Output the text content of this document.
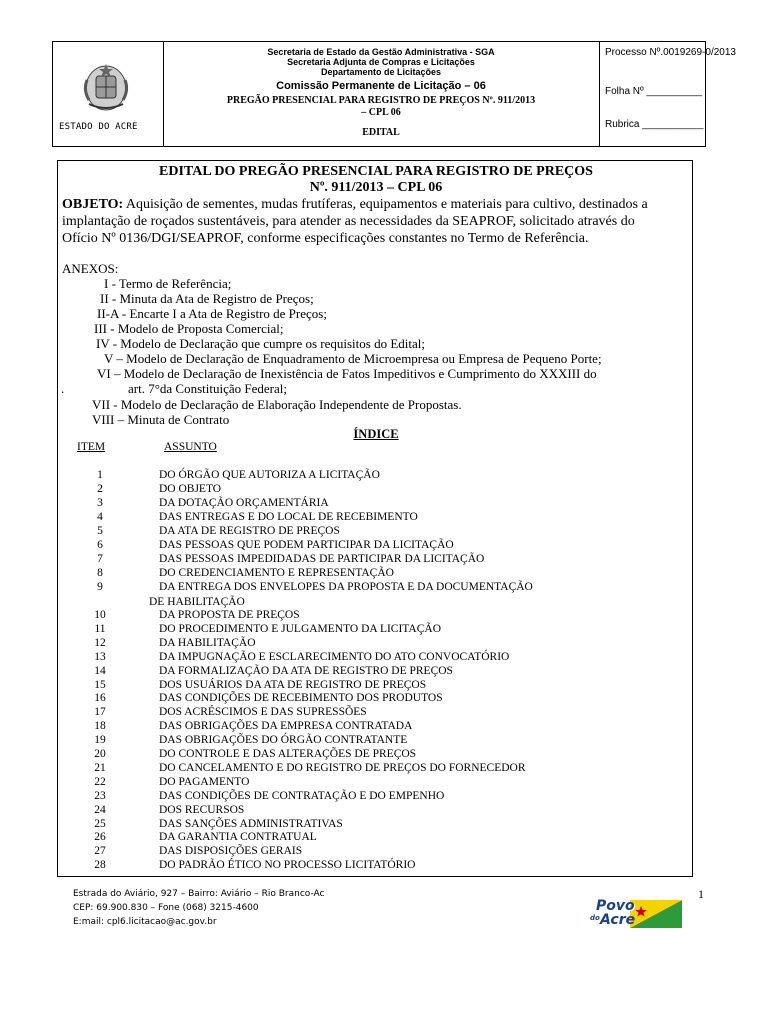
ESTADO DO ACRE
Secretaria de Estado da Gestão Administrativa - SGA
Secretaria Adjunta de Compras e Licitações
Departamento de Licitações
Comissão Permanente de Licitação – 06
PREGÃO PRESENCIAL PARA REGISTRO DE PREÇOS Nº. 911/2013
– CPL 06
EDITAL
Processo Nº.0019269-0/2013
Folha Nº __________
Rubrica ___________
EDITAL DO PREGÃO PRESENCIAL PARA REGISTRO DE PREÇOS
Nº. 911/2013 – CPL 06
OBJETO: Aquisição de sementes, mudas frutíferas, equipamentos e materiais para cultivo, destinados a
implantação de roçados sustentáveis, para atender as necessidades da SEAPROF, solicitado através do
Ofício Nº 0136/DGI/SEAPROF, conforme especificações constantes no Termo de Referência.
ANEXOS:
I - Termo de Referência;
II - Minuta da Ata de Registro de Preços;
II-A - Encarte I a Ata de Registro de Preços;
III - Modelo de Proposta Comercial;
IV - Modelo de Declaração que cumpre os requisitos do Edital;
V – Modelo de Declaração de Enquadramento de Microempresa ou Empresa de Pequeno Porte;
VI – Modelo de Declaração de Inexistência de Fatos Impeditivos e Cumprimento do XXXIII do
.	art. 7°da Constituição Federal;
VII - Modelo de Declaração de Elaboração Independente de Propostas.
VIII – Minuta de Contrato
ÍNDICE
ITEM	ASSUNTO
1	DO ÓRGÃO QUE AUTORIZA A LICITAÇÃO
2	DO OBJETO
3	DA DOTAÇÃO ORÇAMENTÁRIA
4	DAS ENTREGAS E DO LOCAL DE RECEBIMENTO
5	DA ATA DE REGISTRO DE PREÇOS
6	DAS PESSOAS QUE PODEM PARTICIPAR DA LICITAÇÃO
7	DAS PESSOAS IMPEDIDADAS DE PARTICIPAR DA LICITAÇÃO
8	DO CREDENCIAMENTO E REPRESENTAÇÃO
9	DA ENTREGA DOS ENVELOPES DA PROPOSTA E DA DOCUMENTAÇÃO
DE HABILITAÇÃO
10	DA PROPOSTA DE PREÇOS
11	DO PROCEDIMENTO E JULGAMENTO DA LICITAÇÃO
12	DA HABILITAÇÃO
13	DA IMPUGNAÇÃO E ESCLARECIMENTO DO ATO CONVOCATÓRIO
14	DA FORMALIZAÇÃO DA ATA DE REGISTRO DE PREÇOS
15	DOS USUÁRIOS DA ATA DE REGISTRO DE PREÇOS
16	DAS CONDIÇÕES DE RECEBIMENTO DOS PRODUTOS
17	DOS ACRÉSCIMOS E DAS SUPRESSÕES
18	DAS OBRIGAÇÕES DA EMPRESA CONTRATADA
19	DAS OBRIGAÇÕES DO ÓRGÃO CONTRATANTE
20	DO CONTROLE E DAS ALTERAÇÕES DE PREÇOS
21	DO CANCELAMENTO E DO REGISTRO DE PREÇOS DO FORNECEDOR
22	DO PAGAMENTO
23	DAS CONDIÇÕES DE CONTRATAÇÃO E DO EMPENHO
24	DOS RECURSOS
25	DAS SANÇÕES ADMINISTRATIVAS
26	DA GARANTIA CONTRATUAL
27	DAS DISPOSIÇÕES GERAIS
28	DO PADRÃO ÉTICO NO PROCESSO LICITATÓRIO
Estrada do Aviário, 927 – Bairro: Aviário – Rio Branco-Ac
CEP: 69.900.830 – Fone (068) 3215-4600
E:mail: cpl6.licitacao@ac.gov.br
1
Povo
do Acre
